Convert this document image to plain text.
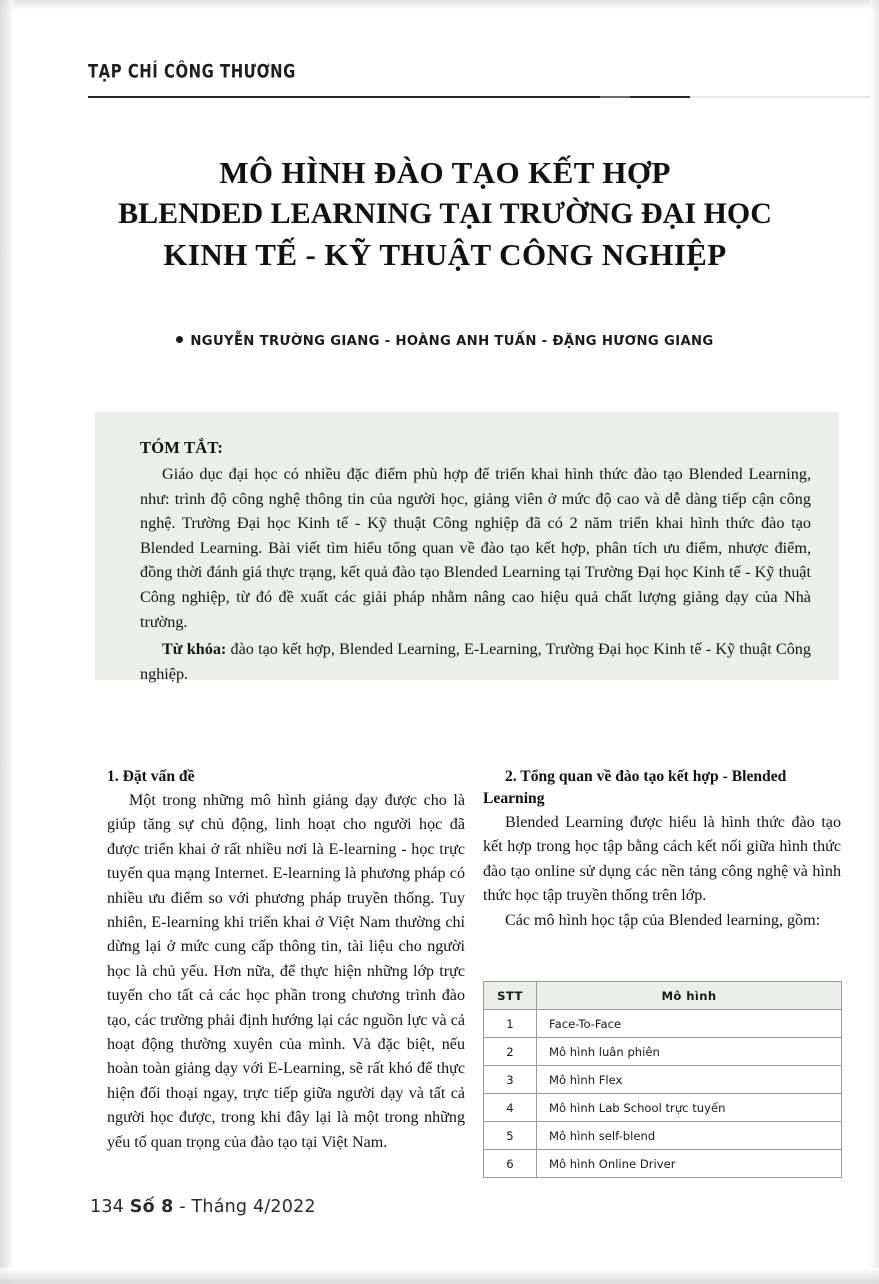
TẠP CHÍ CÔNG THƯƠNG
MÔ HÌNH ĐÀO TẠO KẾT HỢP
BLENDED LEARNING TẠI TRƯỜNG ĐẠI HỌC
KINH TẾ - KỸ THUẬT CÔNG NGHIỆP
NGUYỄN TRƯỜNG GIANG - HOÀNG ANH TUẤN - ĐẶNG HƯƠNG GIANG
TÓM TẮT:

Giáo dục đại học có nhiều đặc điểm phù hợp để triển khai hình thức đào tạo Blended Learning, như: trình độ công nghệ thông tin của người học, giảng viên ở mức độ cao và dễ dàng tiếp cận công nghệ. Trường Đại học Kinh tế - Kỹ thuật Công nghiệp đã có 2 năm triển khai hình thức đào tạo Blended Learning. Bài viết tìm hiểu tổng quan về đào tạo kết hợp, phân tích ưu điểm, nhược điểm, đồng thời đánh giá thực trạng, kết quả đào tạo Blended Learning tại Trường Đại học Kinh tế - Kỹ thuật Công nghiệp, từ đó đề xuất các giải pháp nhằm nâng cao hiệu quả chất lượng giảng dạy của Nhà trường.

Từ khóa: đào tạo kết hợp, Blended Learning, E-Learning, Trường Đại học Kinh tế - Kỹ thuật Công nghiệp.

1. Đặt vấn đề

Một trong những mô hình giảng dạy được cho là giúp tăng sự chủ động, linh hoạt cho người học đã được triển khai ở rất nhiều nơi là E-learning - học trực tuyến qua mạng Internet. E-learning là phương pháp có nhiều ưu điểm so với phương pháp truyền thống. Tuy nhiên, E-learning khi triển khai ở Việt Nam thường chỉ dừng lại ở mức cung cấp thông tin, tài liệu cho người học là chủ yếu. Hơn nữa, để thực hiện những lớp trực tuyến cho tất cả các học phần trong chương trình đào tạo, các trường phải định hướng lại các nguồn lực và cả hoạt động thường xuyên của mình. Và đặc biệt, nếu hoàn toàn giảng dạy với E-Learning, sẽ rất khó để thực hiện đối thoại ngay, trực tiếp giữa người dạy và tất cả người học được, trong khi đây lại là một trong những yếu tố quan trọng của đào tạo tại Việt Nam.

2. Tổng quan về đào tạo kết hợp - Blended Learning

Blended Learning được hiểu là hình thức đào tạo kết hợp trong học tập bằng cách kết nối giữa hình thức đào tạo online sử dụng các nền tảng công nghệ và hình thức học tập truyền thống trên lớp.

Các mô hình học tập của Blended learning, gồm:

STT	Mô hình
1	Face-To-Face
2	Mô hình luân phiên
3	Mô hình Flex
4	Mô hình Lab School trực tuyến
5	Mô hình self-blend
6	Mô hình Online Driver
134 Số 8 - Tháng 4/2022
